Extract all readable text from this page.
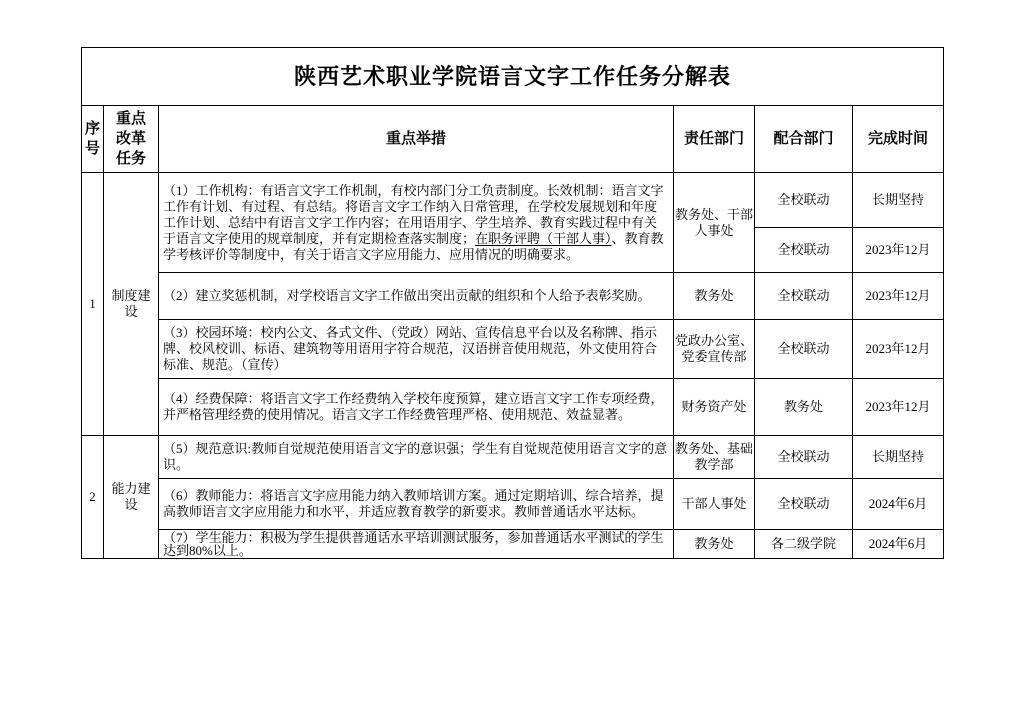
陕西艺术职业学院语言文字工作任务分解表					
序号	重点改革任务	重点举措	责任部门	配合部门	完成时间
1	制度建设	（1）工作机构：有语言文字工作机制，有校内部门分工负责制度。长效机制：语言文字工作有计划、有过程、有总结。将语言文字工作纳入日常管理，在学校发展规划和年度工作计划、总结中有语言文字工作内容；在用语用字、学生培养、教育实践过程中有关于语言文字使用的规章制度，并有定期检查落实制度；在职务评聘（干部人事）、教育教学考核评价等制度中，有关于语言文字应用能力、应用情况的明确要求。	教务处、干部人事处	全校联动	长期坚持
				全校联动	2023年12月
		（2）建立奖惩机制，对学校语言文字工作做出突出贡献的组织和个人给予表彰奖励。	教务处	全校联动	2023年12月
		（3）校园环境：校内公文、各式文件、（党政）网站、宣传信息平台以及名称牌、指示牌、校风校训、标语、建筑物等用语用字符合规范，汉语拼音使用规范，外文使用符合标准、规范。（宣传）	党政办公室、党委宣传部	全校联动	2023年12月
		（4）经费保障：将语言文字工作经费纳入学校年度预算，建立语言文字工作专项经费，并严格管理经费的使用情况。语言文字工作经费管理严格、使用规范、效益显著。	财务资产处	教务处	2023年12月
2	能力建设	（5）规范意识:教师自觉规范使用语言文字的意识强；学生有自觉规范使用语言文字的意识。	教务处、基础教学部	全校联动	长期坚持
		（6）教师能力：将语言文字应用能力纳入教师培训方案。通过定期培训、综合培养，提高教师语言文字应用能力和水平，并适应教育教学的新要求。教师普通话水平达标。	干部人事处	全校联动	2024年6月
		（7）学生能力：积极为学生提供普通话水平培训测试服务，参加普通话水平测试的学生达到80%以上。	教务处	各二级学院	2024年6月
